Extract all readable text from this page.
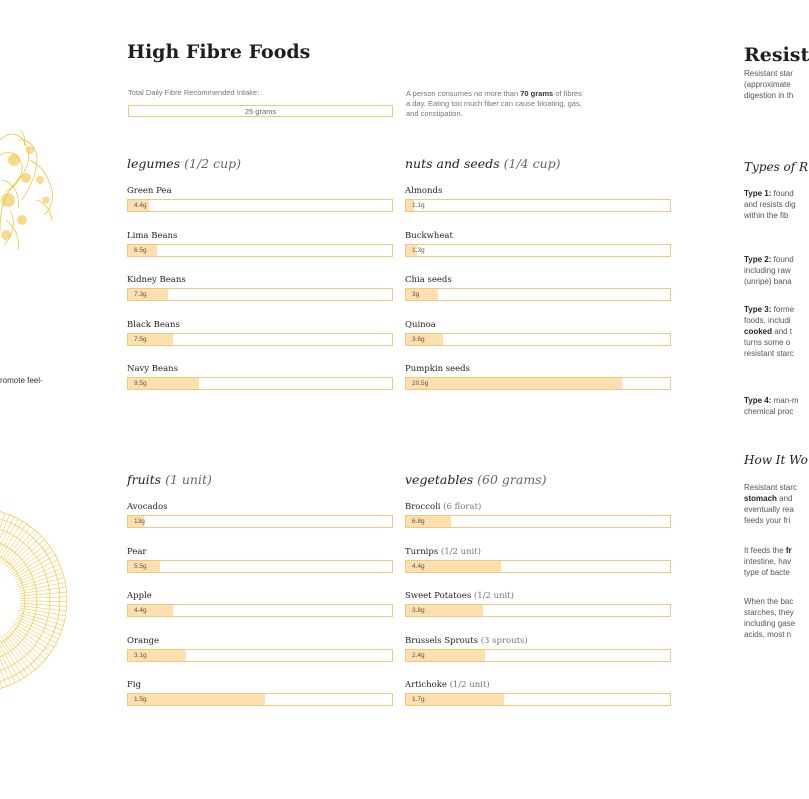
romote feel-
High Fibre Foods
Total Daily Fibre Recommended Intake:
25 grams
A person consumes no more than 70 grams of fibres a day. Eating too much fiber can cause bloating, gas, and constipation.
legumes (1/2 cup)	nuts and seeds (1/4 cup)
fruits (1 unit)	vegetables (60 grams)
Green Pea
4.4g
Lima Beans
6.5g
Kidney Beans
7.3g
Black Beans
7.5g
Navy Beans
9.5g
Almonds
1.1g
Buckwheat
1.3g
Chia seeds
3g
Quinoa
3.6g
Pumpkin seeds
20.5g
Avocados
13g
Pear
5.5g
Apple
4.4g
Orange
3.1g
Fig
1.5g
Broccoli (6 florat)
6.8g
Turnips (1/2 unit)
4.4g
Sweet Potatoes (1/2 unit)
3.8g
Brussels Sprouts (3 sprouts)
2.4g
Artichoke (1/2 unit)
1.7g
Resist
Resistant star
(approximate
digestion in th
Types of R
Type 1: found
and resists dig
within the fib
Type 2: found
including raw
(unripe) bana
Type 3: forme
foods, includi
cooked and t
turns some o
resistant starc
Type 4: man-m
chemical proc
How It Wo
Resistant starc
stomach and
eventually rea
feeds your fri
It feeds the fr
intestine, hav
type of bacte
When the bac
starches, they
including gase
acids, most n
